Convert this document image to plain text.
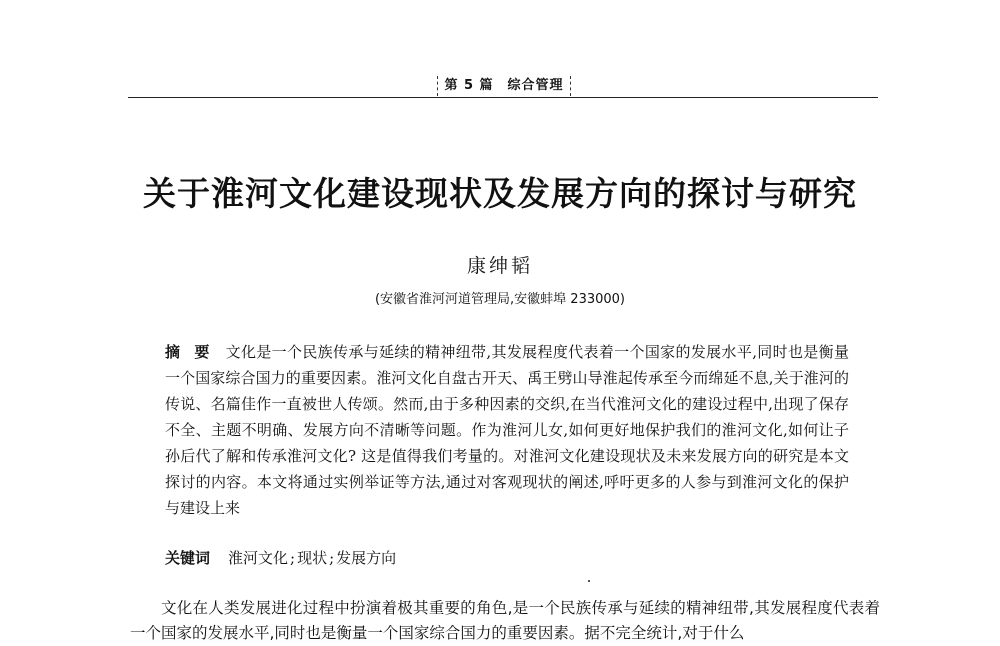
第 5 篇 综合管理
关于淮河文化建设现状及发展方向的探讨与研究
康绅韬
(安徽省淮河河道管理局,安徽蚌埠 233000)
摘要 文化是一个民族传承与延续的精神纽带,其发展程度代表着一个国家的发展水平,同时也是衡量一个国家综合国力的重要因素。淮河文化自盘古开天、禹王劈山导淮起传承至今而绵延不息,关于淮河的传说、名篇佳作一直被世人传颂。然而,由于多种因素的交织,在当代淮河文化的建设过程中,出现了保存不全、主题不明确、发展方向不清晰等问题。作为淮河儿女,如何更好地保护我们的淮河文化,如何让子孙后代了解和传承淮河文化? 这是值得我们考量的。对淮河文化建设现状及未来发展方向的研究是本文探讨的内容。本文将通过实例举证等方法,通过对客观现状的阐述,呼吁更多的人参与到淮河文化的保护与建设上来
关键词 淮河文化 ; 现状 ; 发展方向
文化在人类发展进化过程中扮演着极其重要的角色,是一个民族传承与延续的精神纽带,其发展程度代表着一个国家的发展水平,同时也是衡量一个国家综合国力的重要因素。据不完全统计,对于什么
